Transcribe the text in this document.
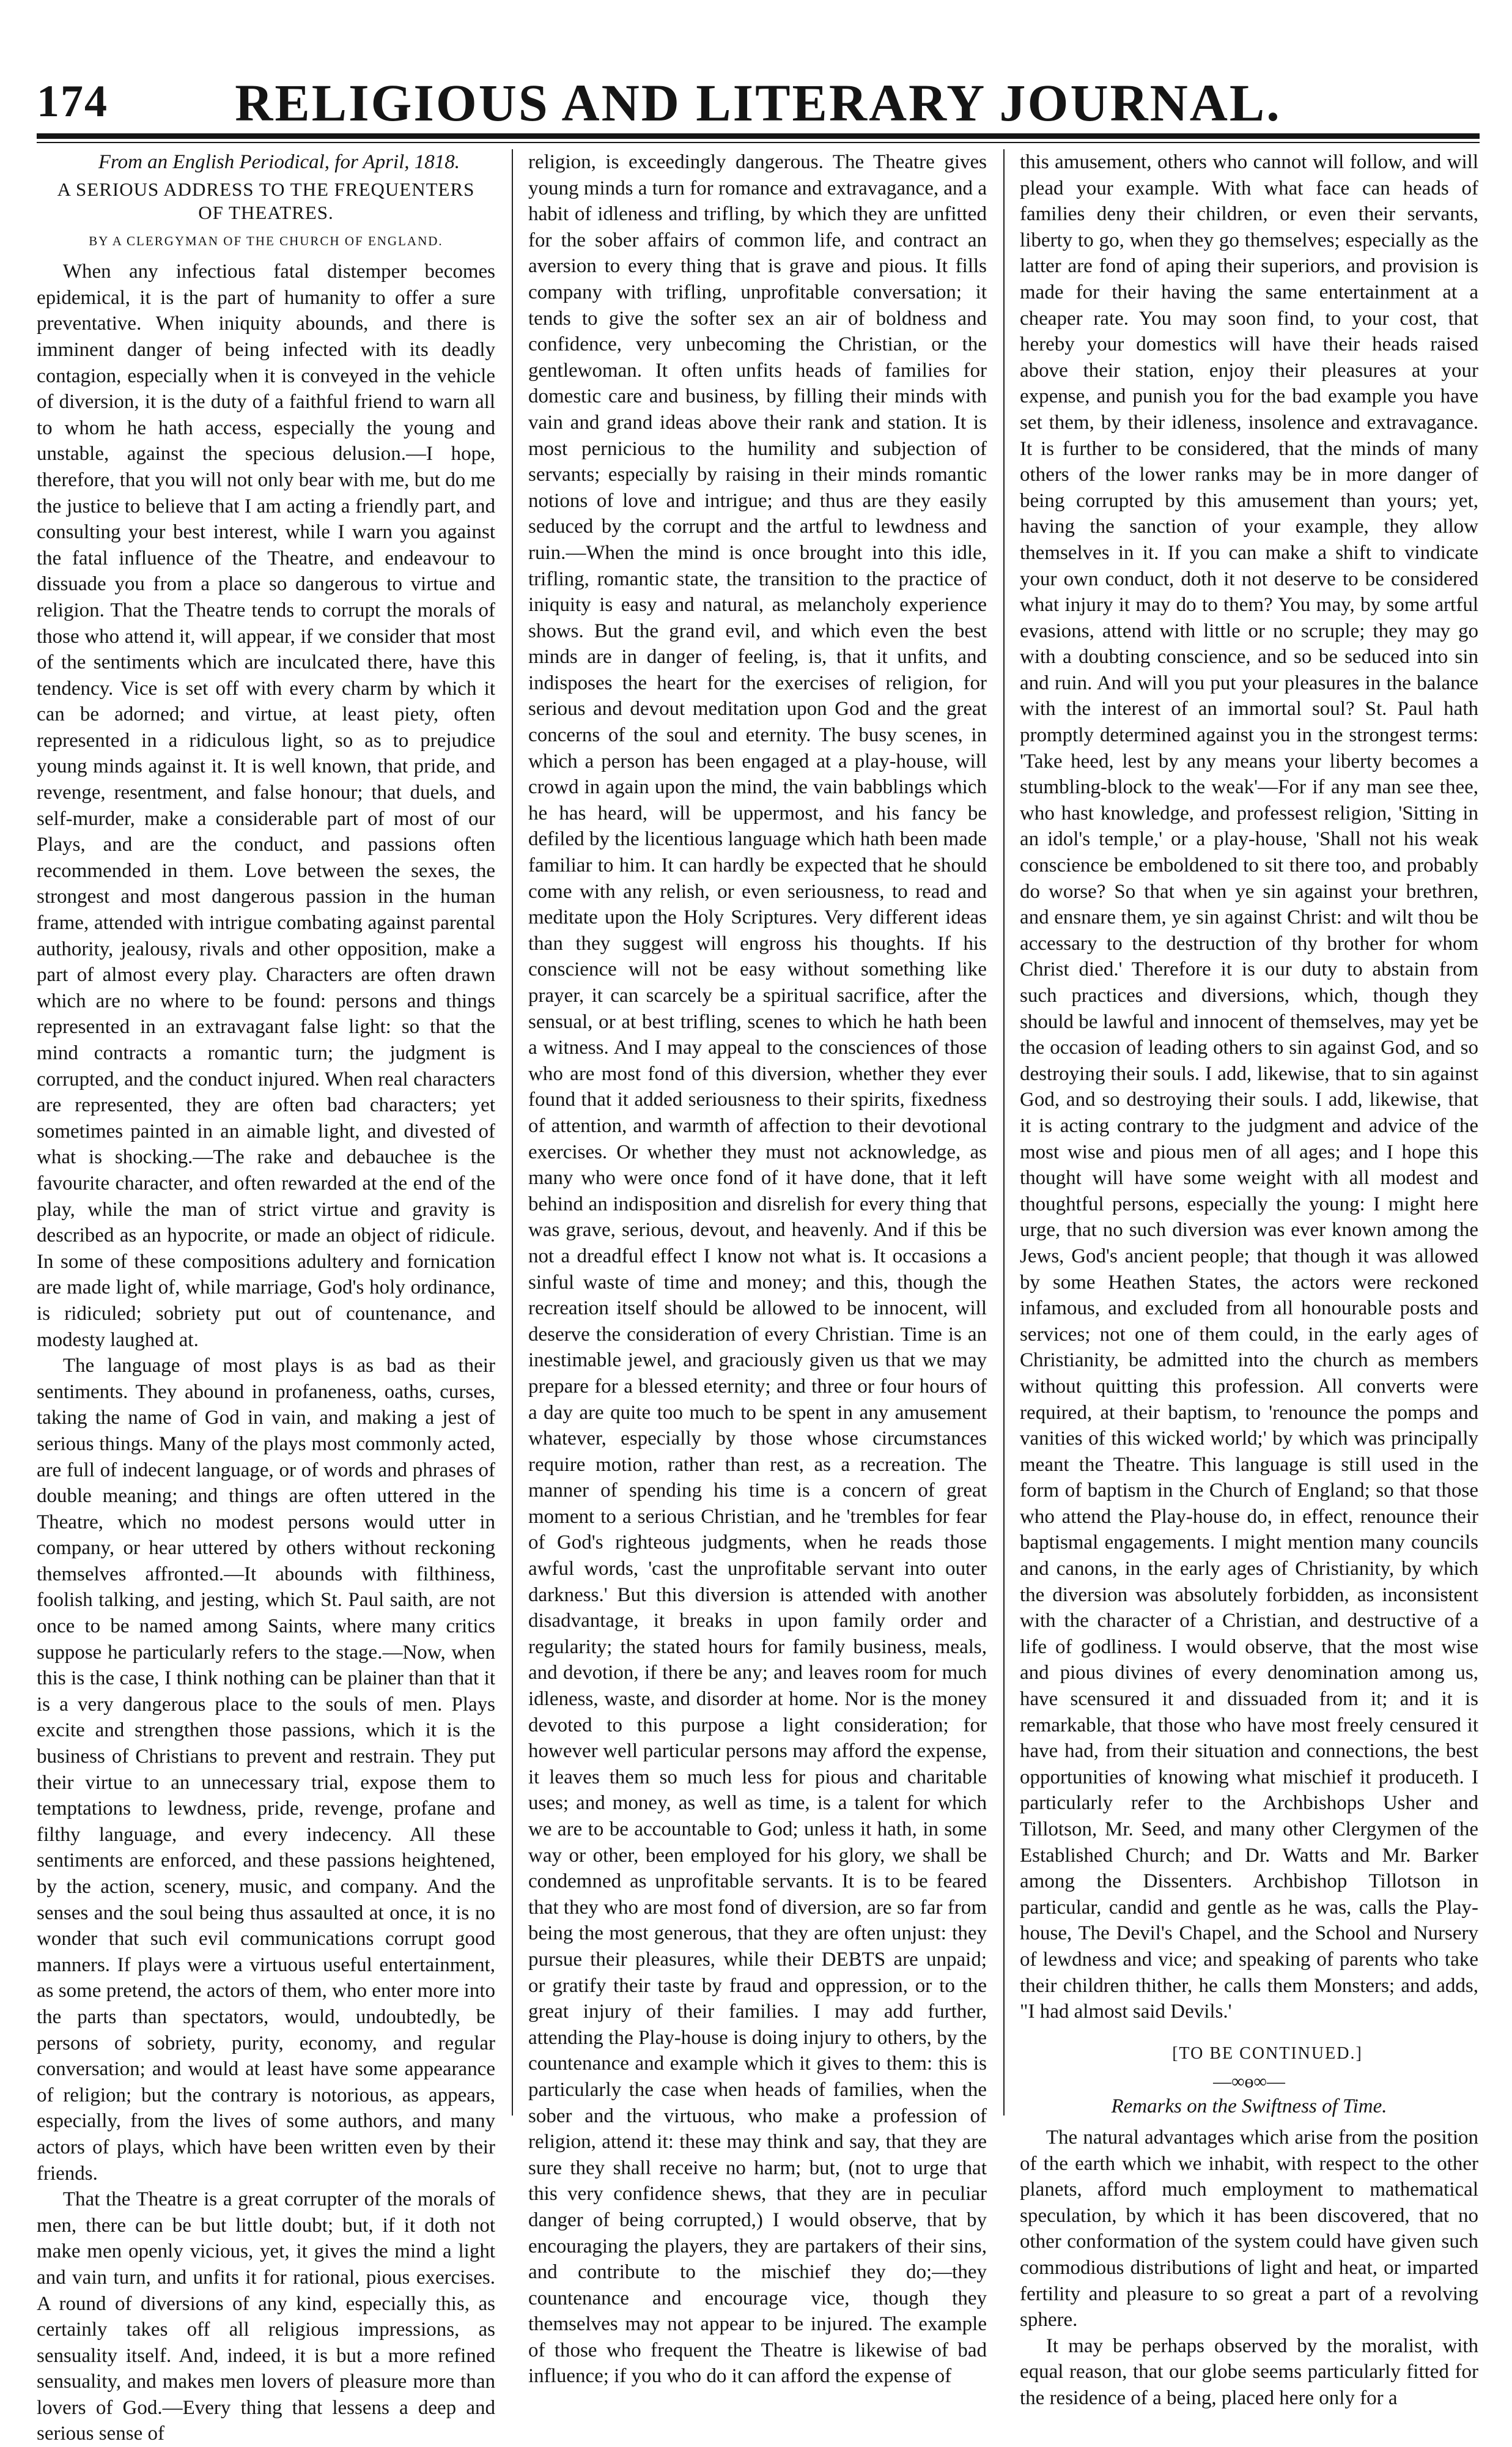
174 RELIGIOUS AND LITERARY JOURNAL.

From an English Periodical, for April, 1818.

A SERIOUS ADDRESS TO THE FREQUENTERS OF THEATRES.
BY A CLERGYMAN OF THE CHURCH OF ENGLAND.

When any infectious fatal distemper becomes epidemical, it is the part of humanity to offer a sure preventative. When iniquity abounds, and there is imminent danger of being infected with its deadly contagion, especially when it is conveyed in the vehicle of diversion, it is the duty of a faithful friend to warn all to whom he hath access, especially the young and unstable, against the specious delusion.—I hope, therefore, that you will not only bear with me, but do me the justice to believe that I am acting a friendly part, and consulting your best interest, while I warn you against the fatal influence of the Theatre, and endeavour to dissuade you from a place so dangerous to virtue and religion. That the Theatre tends to corrupt the morals of those who attend it, will appear, if we consider that most of the sentiments which are inculcated there, have this tendency. Vice is set off with every charm by which it can be adorned; and virtue, at least piety, often represented in a ridiculous light, so as to prejudice young minds against it. It is well known, that pride, and revenge, resentment, and false honour; that duels, and self-murder, make a considerable part of most of our Plays, and are the conduct, and passions often recommended in them. Love between the sexes, the strongest and most dangerous passion in the human frame, attended with intrigue combating against parental authority, jealousy, rivals and other opposition, make a part of almost every play. Characters are often drawn which are no where to be found: persons and things represented in an extravagant false light: so that the mind contracts a romantic turn; the judgment is corrupted, and the conduct injured. When real characters are represented, they are often bad characters; yet sometimes painted in an aimable light, and divested of what is shocking.—The rake and debauchee is the favourite character, and often rewarded at the end of the play, while the man of strict virtue and gravity is described as an hypocrite, or made an object of ridicule. In some of these compositions adultery and fornication are made light of, while marriage, God's holy ordinance, is ridiculed; sobriety put out of countenance, and modesty laughed at.

The language of most plays is as bad as their sentiments. They abound in profaneness, oaths, curses, taking the name of God in vain, and making a jest of serious things. Many of the plays most commonly acted, are full of indecent language, or of words and phrases of double meaning; and things are often uttered in the Theatre, which no modest persons would utter in company, or hear uttered by others without reckoning themselves affronted.—It abounds with filthiness, foolish talking, and jesting, which St. Paul saith, are not once to be named among Saints, where many critics suppose he particularly refers to the stage.—Now, when this is the case, I think nothing can be plainer than that it is a very dangerous place to the souls of men. Plays excite and strengthen those passions, which it is the business of Christians to prevent and restrain. They put their virtue to an unnecessary trial, expose them to temptations to lewdness, pride, revenge, profane and filthy language, and every indecency. All these sentiments are enforced, and these passions heightened, by the action, scenery, music, and company. And the senses and the soul being thus assaulted at once, it is no wonder that such evil communications corrupt good manners. If plays were a virtuous useful entertainment, as some pretend, the actors of them, who enter more into the parts than spectators, would, undoubtedly, be persons of sobriety, purity, economy, and regular conversation; and would at least have some appearance of religion; but the contrary is notorious, as appears, especially, from the lives of some authors, and many actors of plays, which have been written even by their friends.

That the Theatre is a great corrupter of the morals of men, there can be but little doubt; but, if it doth not make men openly vicious, yet, it gives the mind a light and vain turn, and unfits it for rational, pious exercises. A round of diversions of any kind, especially this, as certainly takes off all religious impressions, as sensuality itself. And, indeed, it is but a more refined sensuality, and makes men lovers of pleasure more than lovers of God.—Every thing that lessens a deep and serious sense of

religion, is exceedingly dangerous. The Theatre gives young minds a turn for romance and extravagance, and a habit of idleness and trifling, by which they are unfitted for the sober affairs of common life, and contract an aversion to every thing that is grave and pious. It fills company with trifling, unprofitable conversation; it tends to give the softer sex an air of boldness and confidence, very unbecoming the Christian, or the gentlewoman. It often unfits heads of families for domestic care and business, by filling their minds with vain and grand ideas above their rank and station. It is most pernicious to the humility and subjection of servants; especially by raising in their minds romantic notions of love and intrigue; and thus are they easily seduced by the corrupt and the artful to lewdness and ruin.—When the mind is once brought into this idle, trifling, romantic state, the transition to the practice of iniquity is easy and natural, as melancholy experience shows. But the grand evil, and which even the best minds are in danger of feeling, is, that it unfits, and indisposes the heart for the exercises of religion, for serious and devout meditation upon God and the great concerns of the soul and eternity. The busy scenes, in which a person has been engaged at a play-house, will crowd in again upon the mind, the vain babblings which he has heard, will be uppermost, and his fancy be defiled by the licentious language which hath been made familiar to him. It can hardly be expected that he should come with any relish, or even seriousness, to read and meditate upon the Holy Scriptures. Very different ideas than they suggest will engross his thoughts. If his conscience will not be easy without something like prayer, it can scarcely be a spiritual sacrifice, after the sensual, or at best trifling, scenes to which he hath been a witness. And I may appeal to the consciences of those who are most fond of this diversion, whether they ever found that it added seriousness to their spirits, fixedness of attention, and warmth of affection to their devotional exercises. Or whether they must not acknowledge, as many who were once fond of it have done, that it left behind an indisposition and disrelish for every thing that was grave, serious, devout, and heavenly. And if this be not a dreadful effect I know not what is. It occasions a sinful waste of time and money; and this, though the recreation itself should be allowed to be innocent, will deserve the consideration of every Christian. Time is an inestimable jewel, and graciously given us that we may prepare for a blessed eternity; and three or four hours of a day are quite too much to be spent in any amusement whatever, especially by those whose circumstances require motion, rather than rest, as a recreation. The manner of spending his time is a concern of great moment to a serious Christian, and he 'trembles for fear of God's righteous judgments, when he reads those awful words, 'cast the unprofitable servant into outer darkness.' But this diversion is attended with another disadvantage, it breaks in upon family order and regularity; the stated hours for family business, meals, and devotion, if there be any; and leaves room for much idleness, waste, and disorder at home. Nor is the money devoted to this purpose a light consideration; for however well particular persons may afford the expense, it leaves them so much less for pious and charitable uses; and money, as well as time, is a talent for which we are to be accountable to God; unless it hath, in some way or other, been employed for his glory, we shall be condemned as unprofitable servants. It is to be feared that they who are most fond of diversion, are so far from being the most generous, that they are often unjust: they pursue their pleasures, while their DEBTS are unpaid; or gratify their taste by fraud and oppression, or to the great injury of their families. I may add further, attending the Play-house is doing injury to others, by the countenance and example which it gives to them: this is particularly the case when heads of families, when the sober and the virtuous, who make a profession of religion, attend it: these may think and say, that they are sure they shall receive no harm; but, (not to urge that this very confidence shews, that they are in peculiar danger of being corrupted,) I would observe, that by encouraging the players, they are partakers of their sins, and contribute to the mischief they do;—they countenance and encourage vice, though they themselves may not appear to be injured. The example of those who frequent the Theatre is likewise of bad influence; if you who do it can afford the expense of

this amusement, others who cannot will follow, and will plead your example. With what face can heads of families deny their children, or even their servants, liberty to go, when they go themselves; especially as the latter are fond of aping their superiors, and provision is made for their having the same entertainment at a cheaper rate. You may soon find, to your cost, that hereby your domestics will have their heads raised above their station, enjoy their pleasures at your expense, and punish you for the bad example you have set them, by their idleness, insolence and extravagance. It is further to be considered, that the minds of many others of the lower ranks may be in more danger of being corrupted by this amusement than yours; yet, having the sanction of your example, they allow themselves in it. If you can make a shift to vindicate your own conduct, doth it not deserve to be considered what injury it may do to them? You may, by some artful evasions, attend with little or no scruple; they may go with a doubting conscience, and so be seduced into sin and ruin. And will you put your pleasures in the balance with the interest of an immortal soul? St. Paul hath promptly determined against you in the strongest terms: 'Take heed, lest by any means your liberty becomes a stumbling-block to the weak'—For if any man see thee, who hast knowledge, and professest religion, 'Sitting in an idol's temple,' or a play-house, 'Shall not his weak conscience be emboldened to sit there too, and probably do worse? So that when ye sin against your brethren, and ensnare them, ye sin against Christ: and wilt thou be accessary to the destruction of thy brother for whom Christ died.' Therefore it is our duty to abstain from such practices and diversions, which, though they should be lawful and innocent of themselves, may yet be the occasion of leading others to sin against God, and so destroying their souls. I add, likewise, that to sin against God, and so destroying their souls. I add, likewise, that it is acting contrary to the judgment and advice of the most wise and pious men of all ages; and I hope this thought will have some weight with all modest and thoughtful persons, especially the young: I might here urge, that no such diversion was ever known among the Jews, God's ancient people; that though it was allowed by some Heathen States, the actors were reckoned infamous, and excluded from all honourable posts and services; not one of them could, in the early ages of Christianity, be admitted into the church as members without quitting this profession. All converts were required, at their baptism, to 'renounce the pomps and vanities of this wicked world;' by which was principally meant the Theatre. This language is still used in the form of baptism in the Church of England; so that those who attend the Play-house do, in effect, renounce their baptismal engagements. I might mention many councils and canons, in the early ages of Christianity, by which the diversion was absolutely forbidden, as inconsistent with the character of a Christian, and destructive of a life of godliness. I would observe, that the most wise and pious divines of every denomination among us, have scensured it and dissuaded from it; and it is remarkable, that those who have most freely censured it have had, from their situation and connections, the best opportunities of knowing what mischief it produceth. I particularly refer to the Archbishops Usher and Tillotson, Mr. Seed, and many other Clergymen of the Established Church; and Dr. Watts and Mr. Barker among the Dissenters. Archbishop Tillotson in particular, candid and gentle as he was, calls the Play-house, The Devil's Chapel, and the School and Nursery of lewdness and vice; and speaking of parents who take their children thither, he calls them Monsters; and adds, "I had almost said Devils.'

[TO BE CONTINUED.]
—∞ɵ∞—
Remarks on the Swiftness of Time.

The natural advantages which arise from the position of the earth which we inhabit, with respect to the other planets, afford much employment to mathematical speculation, by which it has been discovered, that no other conformation of the system could have given such commodious distributions of light and heat, or imparted fertility and pleasure to so great a part of a revolving sphere.

It may be perhaps observed by the moralist, with equal reason, that our globe seems particularly fitted for the residence of a being, placed here only for a
